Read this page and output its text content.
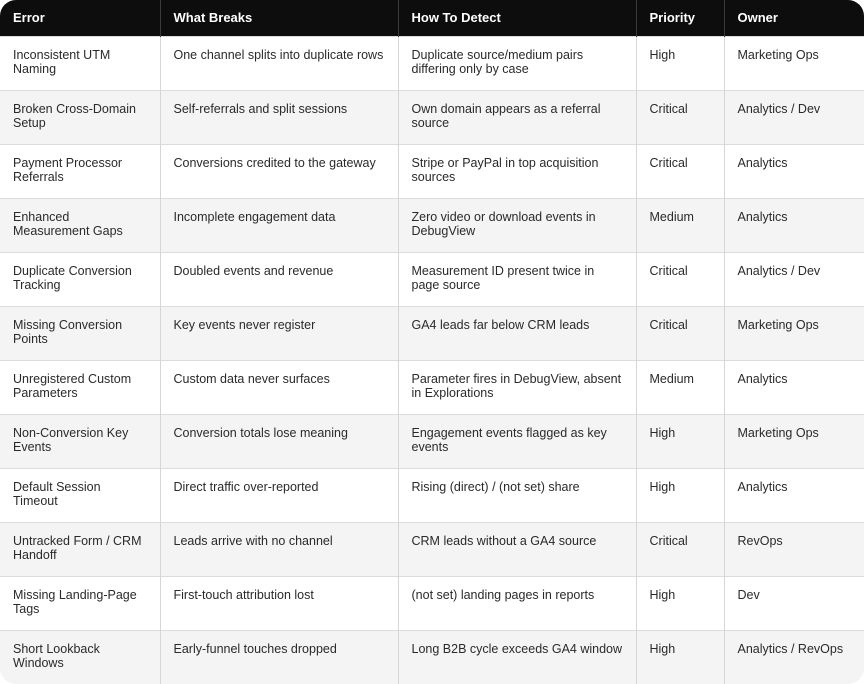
Error	What Breaks	How To Detect	Priority	Owner
Inconsistent UTM Naming	One channel splits into duplicate rows	Duplicate source/medium pairs differing only by case	High	Marketing Ops
Broken Cross-Domain Setup	Self-referrals and split sessions	Own domain appears as a referral source	Critical	Analytics / Dev
Payment Processor Referrals	Conversions credited to the gateway	Stripe or PayPal in top acquisition sources	Critical	Analytics
Enhanced Measurement Gaps	Incomplete engagement data	Zero video or download events in DebugView	Medium	Analytics
Duplicate Conversion Tracking	Doubled events and revenue	Measurement ID present twice in page source	Critical	Analytics / Dev
Missing Conversion Points	Key events never register	GA4 leads far below CRM leads	Critical	Marketing Ops
Unregistered Custom Parameters	Custom data never surfaces	Parameter fires in DebugView, absent in Explorations	Medium	Analytics
Non-Conversion Key Events	Conversion totals lose meaning	Engagement events flagged as key events	High	Marketing Ops
Default Session Timeout	Direct traffic over-reported	Rising (direct) / (not set) share	High	Analytics
Untracked Form / CRM Handoff	Leads arrive with no channel	CRM leads without a GA4 source	Critical	RevOps
Missing Landing-Page Tags	First-touch attribution lost	(not set) landing pages in reports	High	Dev
Short Lookback Windows	Early-funnel touches dropped	Long B2B cycle exceeds GA4 window	High	Analytics / RevOps
